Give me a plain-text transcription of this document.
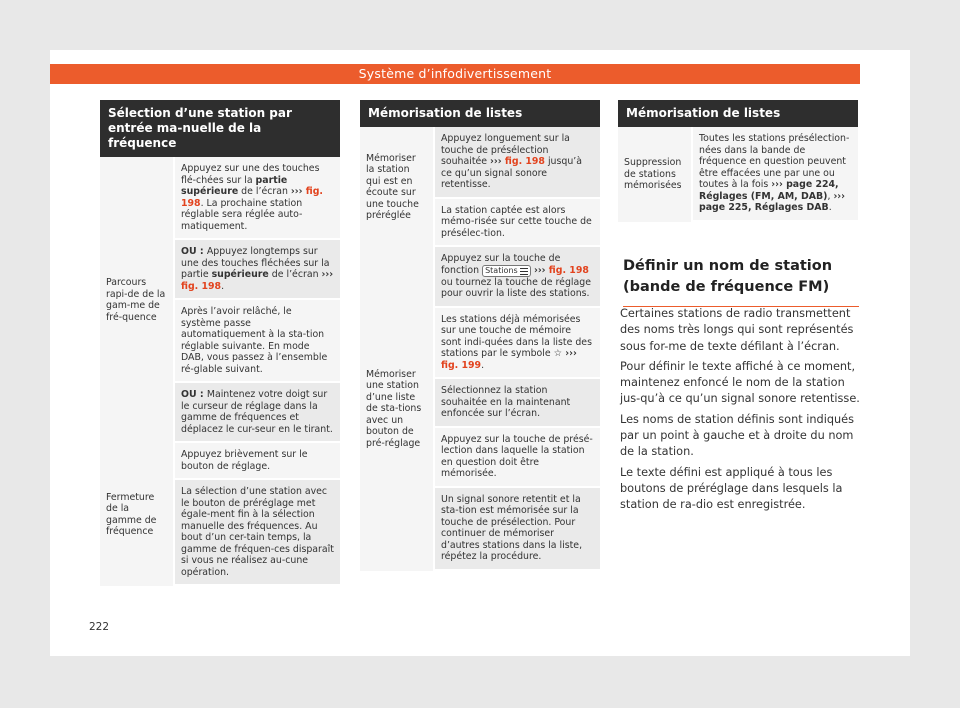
Système d’infodivertissement
Sélection d’une station par entrée ma-nuelle de la fréquence
Parcours rapi-de de la gam-me de fré-quence
Appuyez sur une des touches flé-chées sur la partie supérieure de l’écran ››› fig. 198. La prochaine station réglable sera réglée auto-matiquement.
OU : Appuyez longtemps sur une des touches fléchées sur la partie supérieure de l’écran ››› fig. 198.
Après l’avoir relâché, le système passe automatiquement à la sta-tion réglable suivante. En mode DAB, vous passez à l’ensemble ré-glable suivant.
OU : Maintenez votre doigt sur le curseur de réglage dans la gamme de fréquences et déplacez le cur-seur en le tirant.
Fermeture de la gamme de fréquence
Appuyez brièvement sur le bouton de réglage.
La sélection d’une station avec le bouton de préréglage met égale-ment fin à la sélection manuelle des fréquences. Au bout d’un cer-tain temps, la gamme de fréquen-ces disparaît si vous ne réalisez au-cune opération.
Mémorisation de listes
Mémoriser la station qui est en écoute sur une touche préréglée
Appuyez longuement sur la touche de présélection souhaitée ››› fig. 198 jusqu’à ce qu’un signal sonore retentisse.
La station captée est alors mémo-risée sur cette touche de présélec-tion.
Mémoriser une station d’une liste de sta-tions avec un bouton de pré-réglage
Appuyez sur la touche de fonction Stations ››› fig. 198 ou tournez la touche de réglage pour ouvrir la liste des stations.
Les stations déjà mémorisées sur une touche de mémoire sont indi-quées dans la liste des stations par le symbole ☆ ››› fig. 199.
Sélectionnez la station souhaitée en la maintenant enfoncée sur l’écran.
Appuyez sur la touche de présé-lection dans laquelle la station en question doit être mémorisée.
Un signal sonore retentit et la sta-tion est mémorisée sur la touche de présélection. Pour continuer de mémoriser d’autres stations dans la liste, répétez la procédure.
Mémorisation de listes
Suppression de stations mémorisées
Toutes les stations présélection-nées dans la bande de fréquence en question peuvent être effacées une par une ou toutes à la fois ››› page 224, Réglages (FM, AM, DAB), ››› page 225, Réglages DAB.
Définir un nom de station (bande de fréquence FM)

Certaines stations de radio transmettent des noms très longs qui sont représentés sous for-me de texte défilant à l’écran.

Pour définir le texte affiché à ce moment, maintenez enfoncé le nom de la station jus-qu’à ce qu’un signal sonore retentisse.

Les noms de station définis sont indiqués par un point à gauche et à droite du nom de la station.

Le texte défini est appliqué à tous les boutons de préréglage dans lesquels la station de ra-dio est enregistrée.

222
